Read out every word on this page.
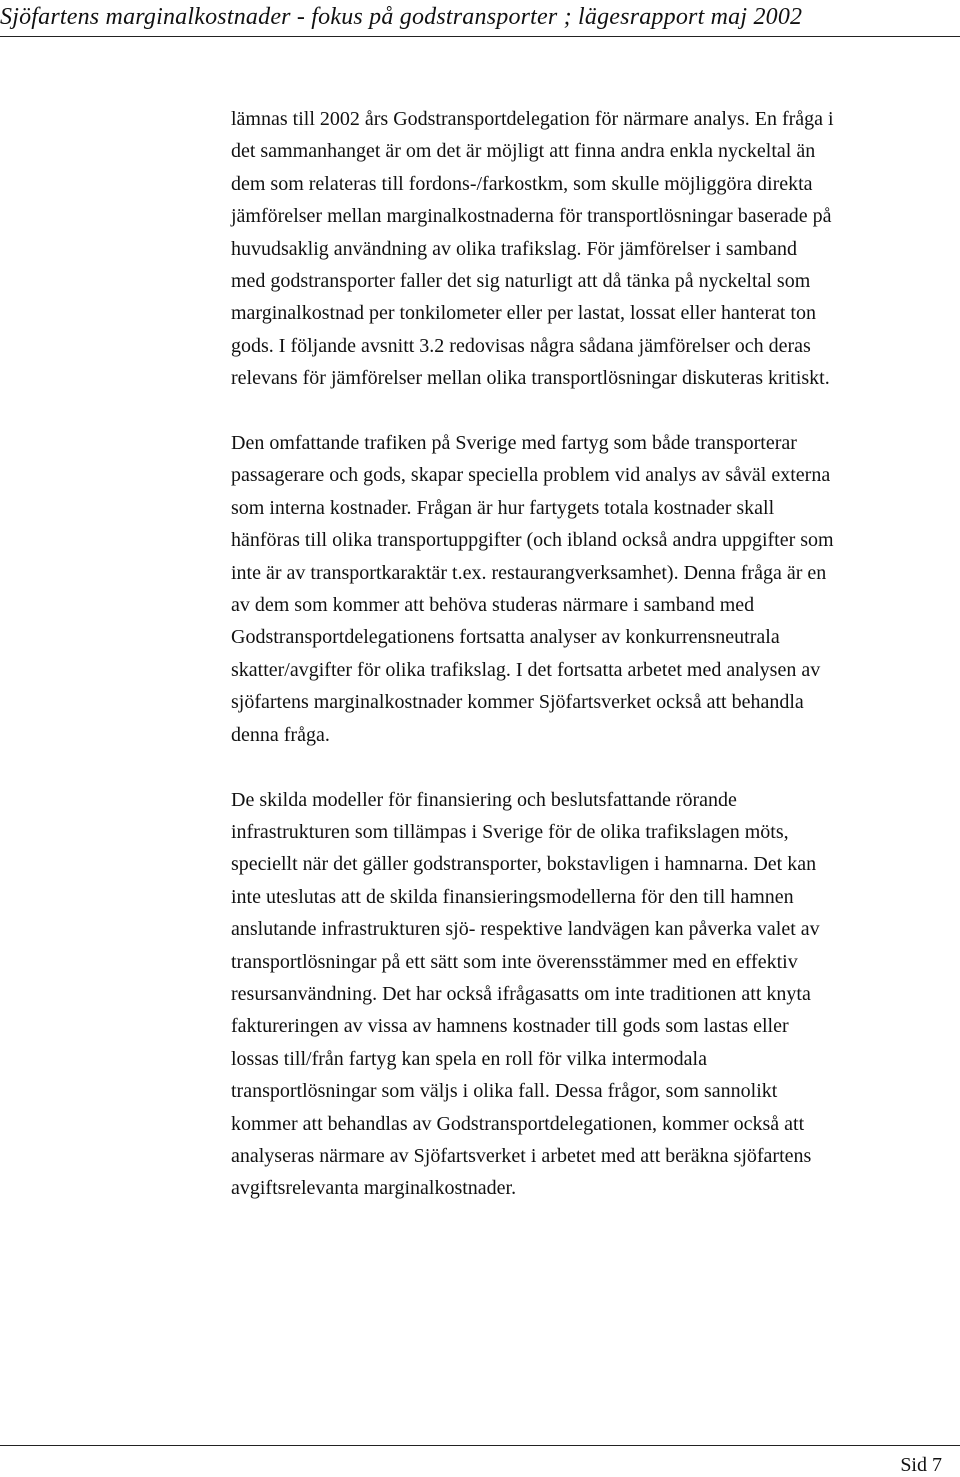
Sjöfartens marginalkostnader - fokus på godstransporter ; lägesrapport maj 2002

lämnas till 2002 års Godstransportdelegation för närmare analys. En fråga i
det sammanhanget är om det är möjligt att finna andra enkla nyckeltal än
dem som relateras till fordons-/farkostkm, som skulle möjliggöra direkta
jämförelser mellan marginalkostnaderna för transportlösningar baserade på
huvudsaklig användning av olika trafikslag. För jämförelser i samband
med godstransporter faller det sig naturligt att då tänka på nyckeltal som
marginalkostnad per tonkilometer eller per lastat, lossat eller hanterat ton
gods. I följande avsnitt 3.2 redovisas några sådana jämförelser och deras
relevans för jämförelser mellan olika transportlösningar diskuteras kritiskt.

Den omfattande trafiken på Sverige med fartyg som både transporterar
passagerare och gods, skapar speciella problem vid analys av såväl externa
som interna kostnader. Frågan är hur fartygets totala kostnader skall
hänföras till olika transportuppgifter (och ibland också andra uppgifter som
inte är av transportkaraktär t.ex. restaurangverksamhet). Denna fråga är en
av dem som kommer att behöva studeras närmare i samband med
Godstransportdelegationens fortsatta analyser av konkurrensneutrala
skatter/avgifter för olika trafikslag. I det fortsatta arbetet med analysen av
sjöfartens marginalkostnader kommer Sjöfartsverket också att behandla
denna fråga.

De skilda modeller för finansiering och beslutsfattande rörande
infrastrukturen som tillämpas i Sverige för de olika trafikslagen möts,
speciellt när det gäller godstransporter, bokstavligen i hamnarna. Det kan
inte uteslutas att de skilda finansieringsmodellerna för den till hamnen
anslutande infrastrukturen sjö- respektive landvägen kan påverka valet av
transportlösningar på ett sätt som inte överensstämmer med en effektiv
resursanvändning. Det har också ifrågasatts om inte traditionen att knyta
faktureringen av vissa av hamnens kostnader till gods som lastas eller
lossas till/från fartyg kan spela en roll för vilka intermodala
transportlösningar som väljs i olika fall. Dessa frågor, som sannolikt
kommer att behandlas av Godstransportdelegationen, kommer också att
analyseras närmare av Sjöfartsverket i arbetet med att beräkna sjöfartens
avgiftsrelevanta marginalkostnader.

Sid 7
